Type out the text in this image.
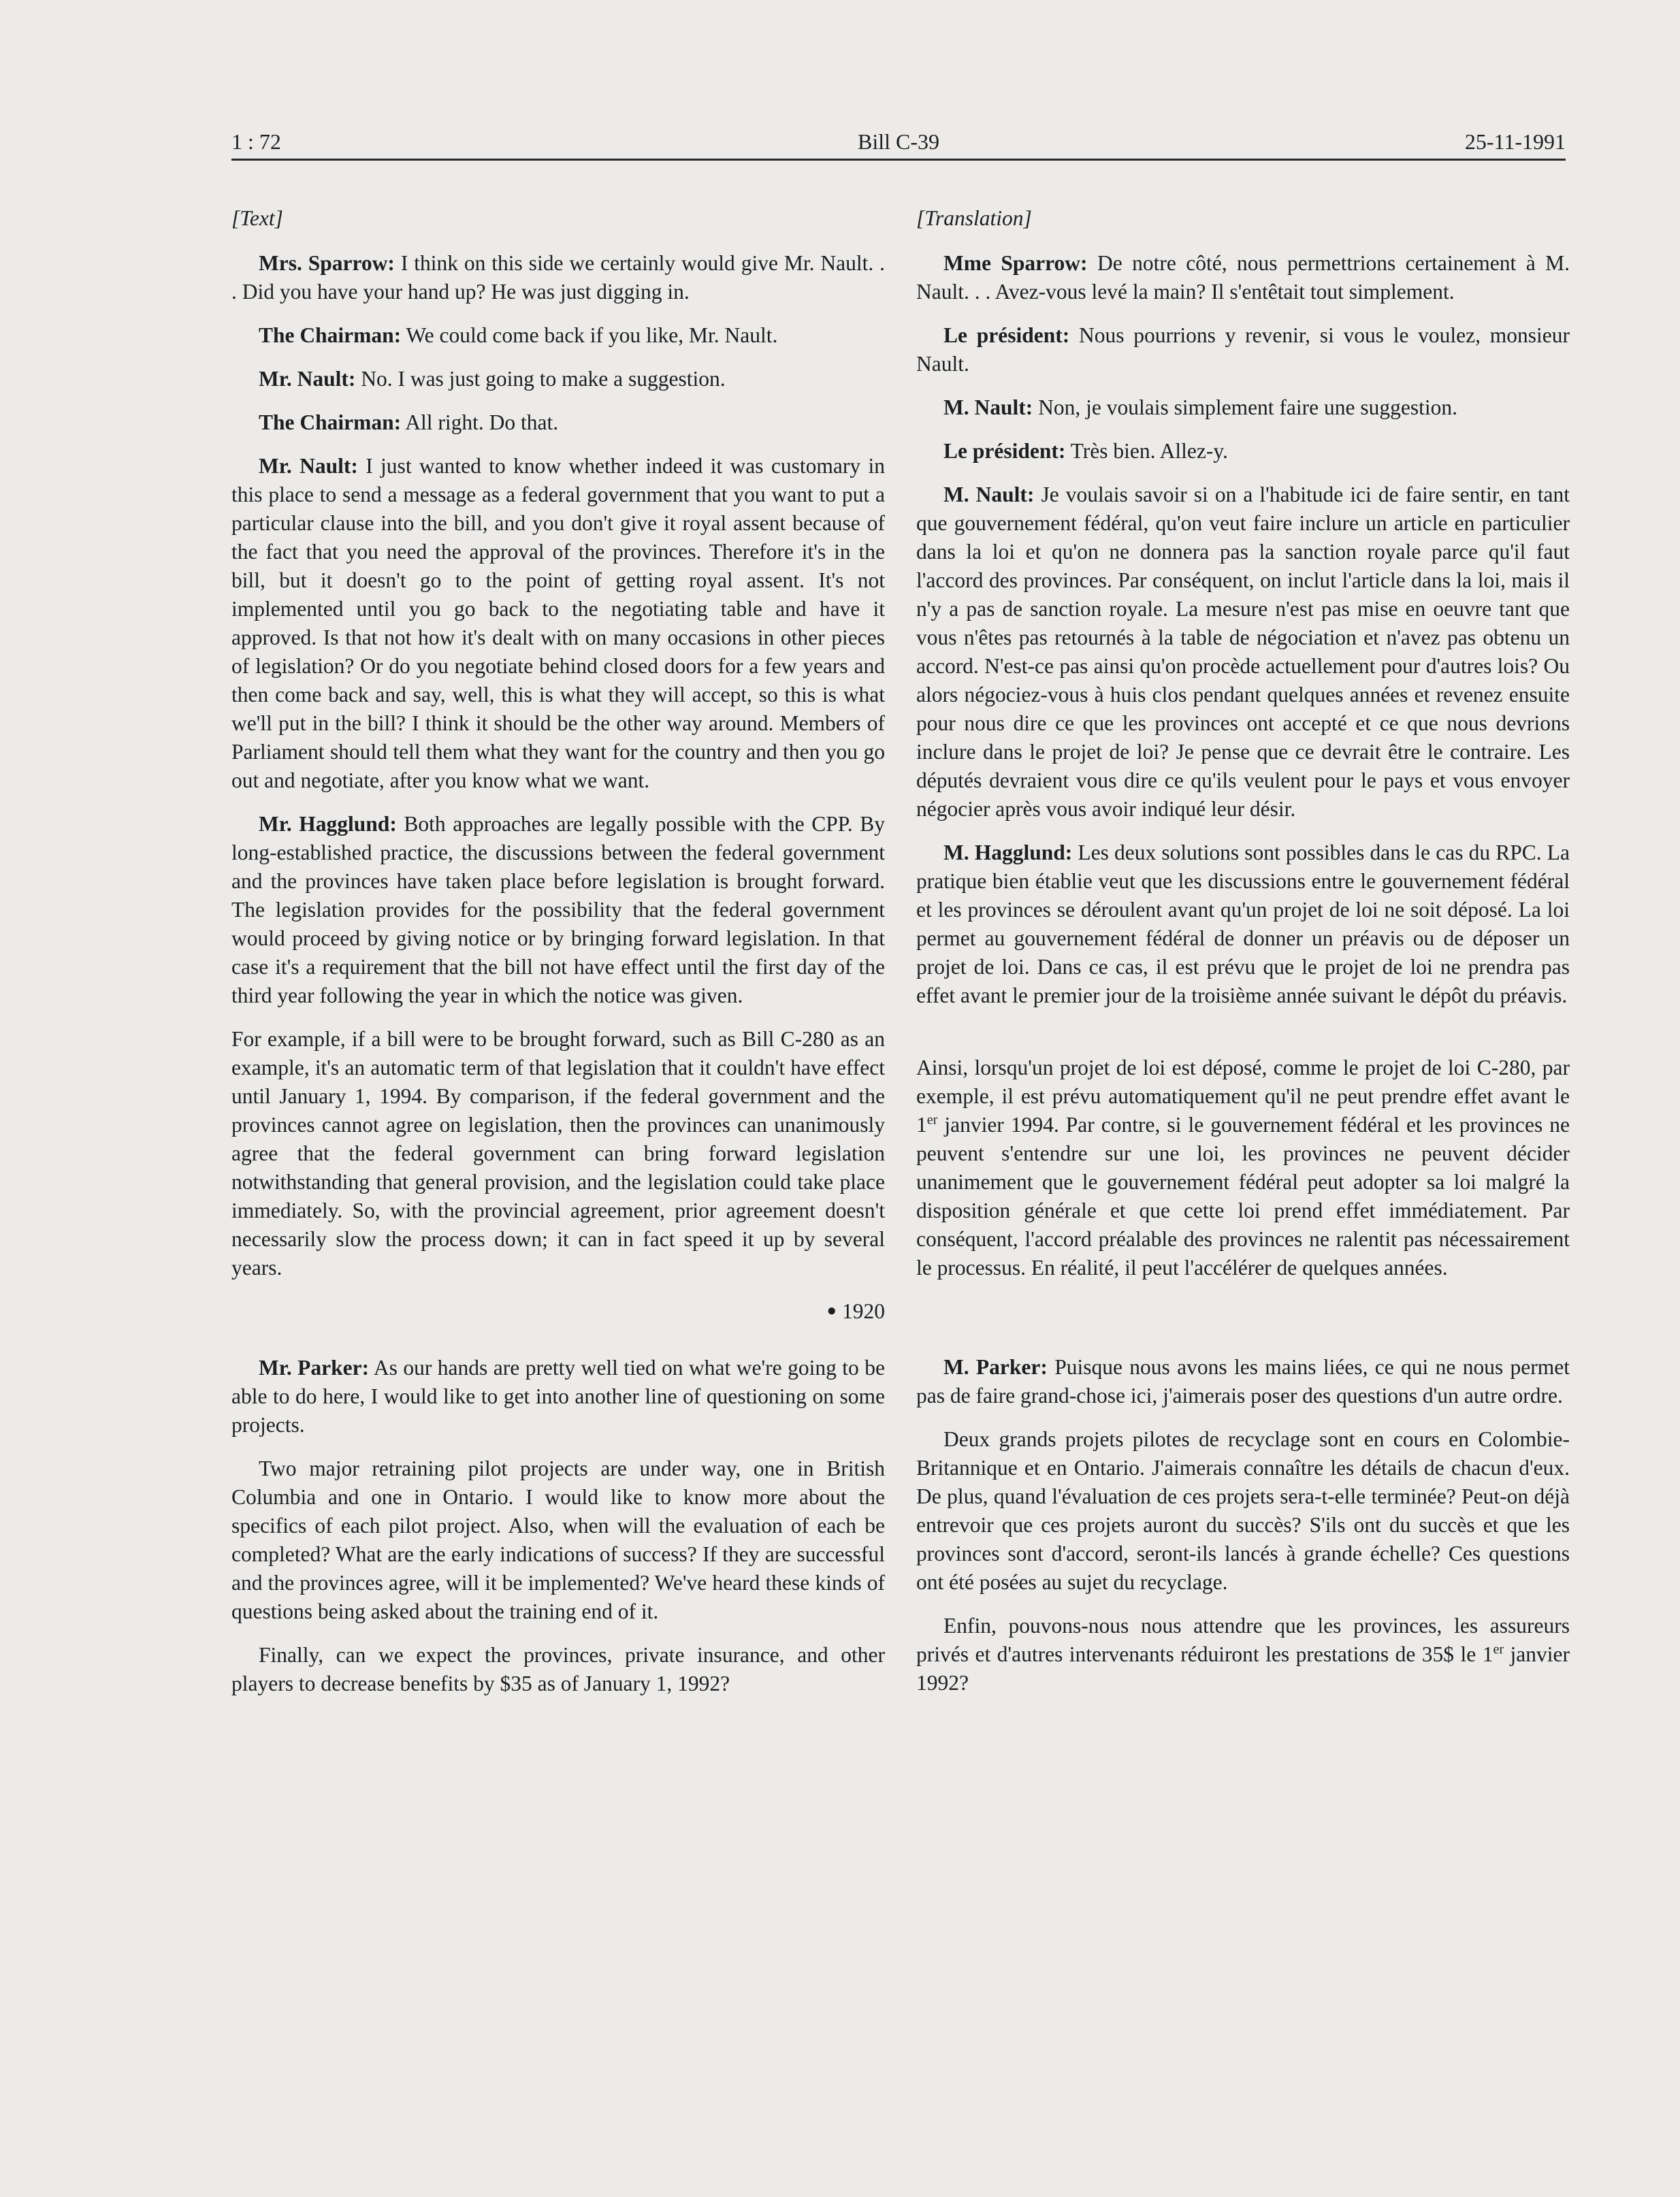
1 : 72	Bill C-39	25-11-1991
[Text]

Mrs. Sparrow: I think on this side we certainly would give Mr. Nault. . . Did you have your hand up? He was just digging in.

The Chairman: We could come back if you like, Mr. Nault.

Mr. Nault: No. I was just going to make a suggestion.

The Chairman: All right. Do that.

Mr. Nault: I just wanted to know whether indeed it was customary in this place to send a message as a federal government that you want to put a particular clause into the bill, and you don't give it royal assent because of the fact that you need the approval of the provinces. Therefore it's in the bill, but it doesn't go to the point of getting royal assent. It's not implemented until you go back to the negotiating table and have it approved. Is that not how it's dealt with on many occasions in other pieces of legislation? Or do you negotiate behind closed doors for a few years and then come back and say, well, this is what they will accept, so this is what we'll put in the bill? I think it should be the other way around. Members of Parliament should tell them what they want for the country and then you go out and negotiate, after you know what we want.

Mr. Hagglund: Both approaches are legally possible with the CPP. By long-established practice, the discussions between the federal government and the provinces have taken place before legislation is brought forward. The legislation provides for the possibility that the federal government would proceed by giving notice or by bringing forward legislation. In that case it's a requirement that the bill not have effect until the first day of the third year following the year in which the notice was given.

For example, if a bill were to be brought forward, such as Bill C-280 as an example, it's an automatic term of that legislation that it couldn't have effect until January 1, 1994. By comparison, if the federal government and the provinces cannot agree on legislation, then the provinces can unanimously agree that the federal government can bring forward legislation notwithstanding that general provision, and the legislation could take place immediately. So, with the provincial agreement, prior agreement doesn't necessarily slow the process down; it can in fact speed it up by several years.

● 1920

Mr. Parker: As our hands are pretty well tied on what we're going to be able to do here, I would like to get into another line of questioning on some projects.

Two major retraining pilot projects are under way, one in British Columbia and one in Ontario. I would like to know more about the specifics of each pilot project. Also, when will the evaluation of each be completed? What are the early indications of success? If they are successful and the provinces agree, will it be implemented? We've heard these kinds of questions being asked about the training end of it.

Finally, can we expect the provinces, private insurance, and other players to decrease benefits by $35 as of January 1, 1992?

[Translation]

Mme Sparrow: De notre côté, nous permettrions certainement à M. Nault. . . Avez-vous levé la main? Il s'entêtait tout simplement.

Le président: Nous pourrions y revenir, si vous le voulez, monsieur Nault.

M. Nault: Non, je voulais simplement faire une suggestion.

Le président: Très bien. Allez-y.

M. Nault: Je voulais savoir si on a l'habitude ici de faire sentir, en tant que gouvernement fédéral, qu'on veut faire inclure un article en particulier dans la loi et qu'on ne donnera pas la sanction royale parce qu'il faut l'accord des provinces. Par conséquent, on inclut l'article dans la loi, mais il n'y a pas de sanction royale. La mesure n'est pas mise en oeuvre tant que vous n'êtes pas retournés à la table de négociation et n'avez pas obtenu un accord. N'est-ce pas ainsi qu'on procède actuellement pour d'autres lois? Ou alors négociez-vous à huis clos pendant quelques années et revenez ensuite pour nous dire ce que les provinces ont accepté et ce que nous devrions inclure dans le projet de loi? Je pense que ce devrait être le contraire. Les députés devraient vous dire ce qu'ils veulent pour le pays et vous envoyer négocier après vous avoir indiqué leur désir.

M. Hagglund: Les deux solutions sont possibles dans le cas du RPC. La pratique bien établie veut que les discussions entre le gouvernement fédéral et les provinces se déroulent avant qu'un projet de loi ne soit déposé. La loi permet au gouvernement fédéral de donner un préavis ou de déposer un projet de loi. Dans ce cas, il est prévu que le projet de loi ne prendra pas effet avant le premier jour de la troisième année suivant le dépôt du préavis.

Ainsi, lorsqu'un projet de loi est déposé, comme le projet de loi C-280, par exemple, il est prévu automatiquement qu'il ne peut prendre effet avant le 1er janvier 1994. Par contre, si le gouvernement fédéral et les provinces ne peuvent s'entendre sur une loi, les provinces ne peuvent décider unanimement que le gouvernement fédéral peut adopter sa loi malgré la disposition générale et que cette loi prend effet immédiatement. Par conséquent, l'accord préalable des provinces ne ralentit pas nécessairement le processus. En réalité, il peut l'accélérer de quelques années.

M. Parker: Puisque nous avons les mains liées, ce qui ne nous permet pas de faire grand-chose ici, j'aimerais poser des questions d'un autre ordre.

Deux grands projets pilotes de recyclage sont en cours en Colombie-Britannique et en Ontario. J'aimerais connaître les détails de chacun d'eux. De plus, quand l'évaluation de ces projets sera-t-elle terminée? Peut-on déjà entrevoir que ces projets auront du succès? S'ils ont du succès et que les provinces sont d'accord, seront-ils lancés à grande échelle? Ces questions ont été posées au sujet du recyclage.

Enfin, pouvons-nous nous attendre que les provinces, les assureurs privés et d'autres intervenants réduiront les prestations de 35$ le 1er janvier 1992?
